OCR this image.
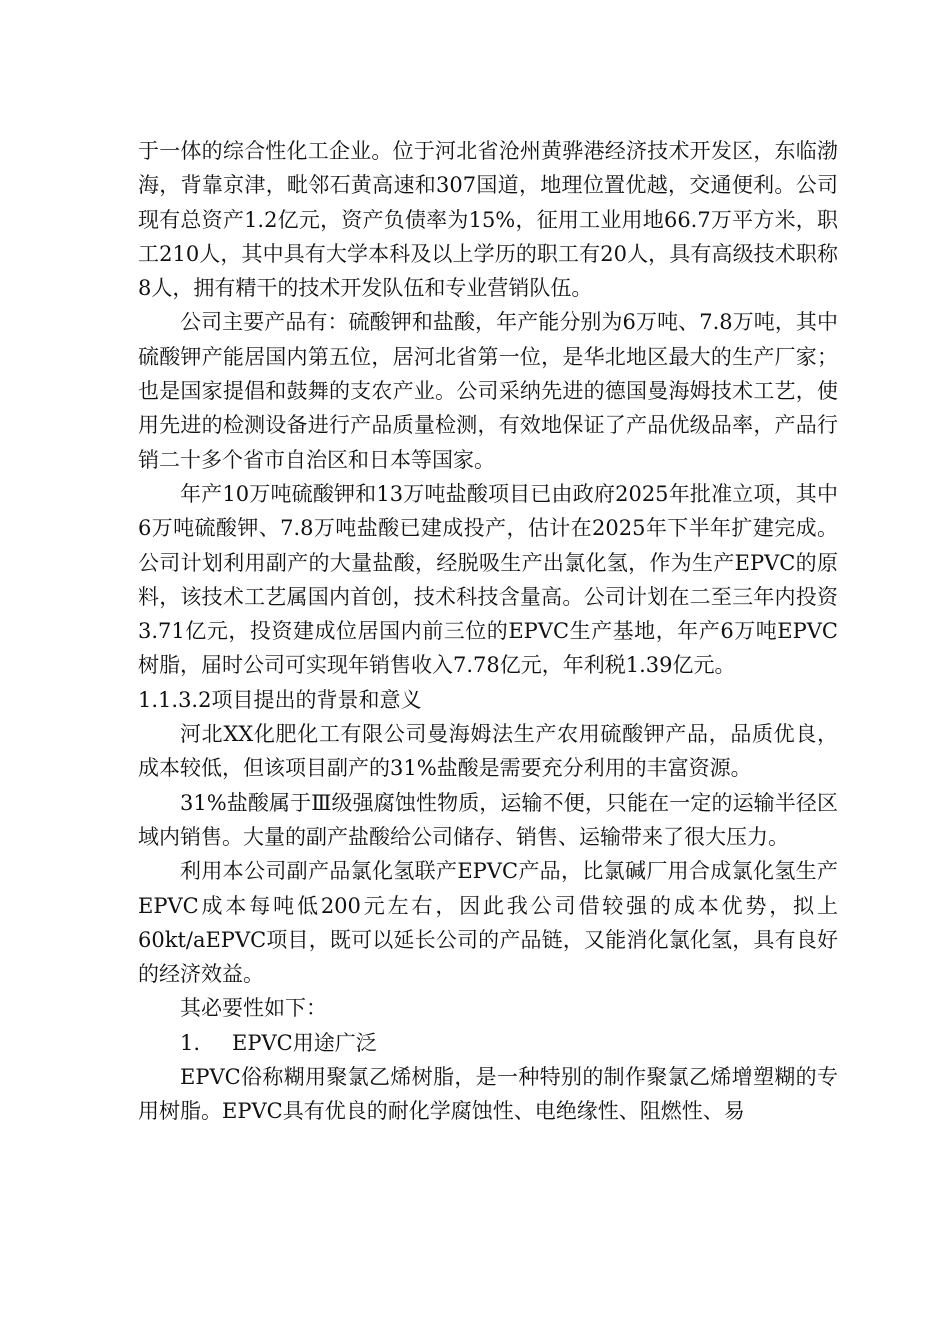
于一体的综合性化工企业。位于河北省沧州黄骅港经济技术开发区，东临渤海，背靠京津，毗邻石黄高速和307国道，地理位置优越，交通便利。公司现有总资产1.2亿元，资产负债率为15%，征用工业用地66.7万平方米，职工210人，其中具有大学本科及以上学历的职工有20人，具有高级技术职称8人，拥有精干的技术开发队伍和专业营销队伍。

公司主要产品有：硫酸钾和盐酸，年产能分别为6万吨、7.8万吨，其中硫酸钾产能居国内第五位，居河北省第一位，是华北地区最大的生产厂家；也是国家提倡和鼓舞的支农产业。公司采纳先进的德国曼海姆技术工艺，使用先进的检测设备进行产品质量检测，有效地保证了产品优级品率，产品行销二十多个省市自治区和日本等国家。

年产10万吨硫酸钾和13万吨盐酸项目已由政府2025年批准立项，其中6万吨硫酸钾、7.8万吨盐酸已建成投产，估计在2025年下半年扩建完成。公司计划利用副产的大量盐酸，经脱吸生产出氯化氢，作为生产EPVC的原料，该技术工艺属国内首创，技术科技含量高。公司计划在二至三年内投资3.71亿元，投资建成位居国内前三位的EPVC生产基地，年产6万吨EPVC树脂，届时公司可实现年销售收入7.78亿元，年利税1.39亿元。

1.1.3.2项目提出的背景和意义

河北XX化肥化工有限公司曼海姆法生产农用硫酸钾产品，品质优良，成本较低，但该项目副产的31%盐酸是需要充分利用的丰富资源。

31%盐酸属于Ⅲ级强腐蚀性物质，运输不便，只能在一定的运输半径区域内销售。大量的副产盐酸给公司储存、销售、运输带来了很大压力。

利用本公司副产品氯化氢联产EPVC产品，比氯碱厂用合成氯化氢生产EPVC成本每吨低200元左右，因此我公司借较强的成本优势，拟上60kt/aEPVC项目，既可以延长公司的产品链，又能消化氯化氢，具有良好的经济效益。

其必要性如下：

1. EPVC用途广泛

EPVC俗称糊用聚氯乙烯树脂，是一种特别的制作聚氯乙烯增塑糊的专用树脂。EPVC具有优良的耐化学腐蚀性、电绝缘性、阻燃性、易
